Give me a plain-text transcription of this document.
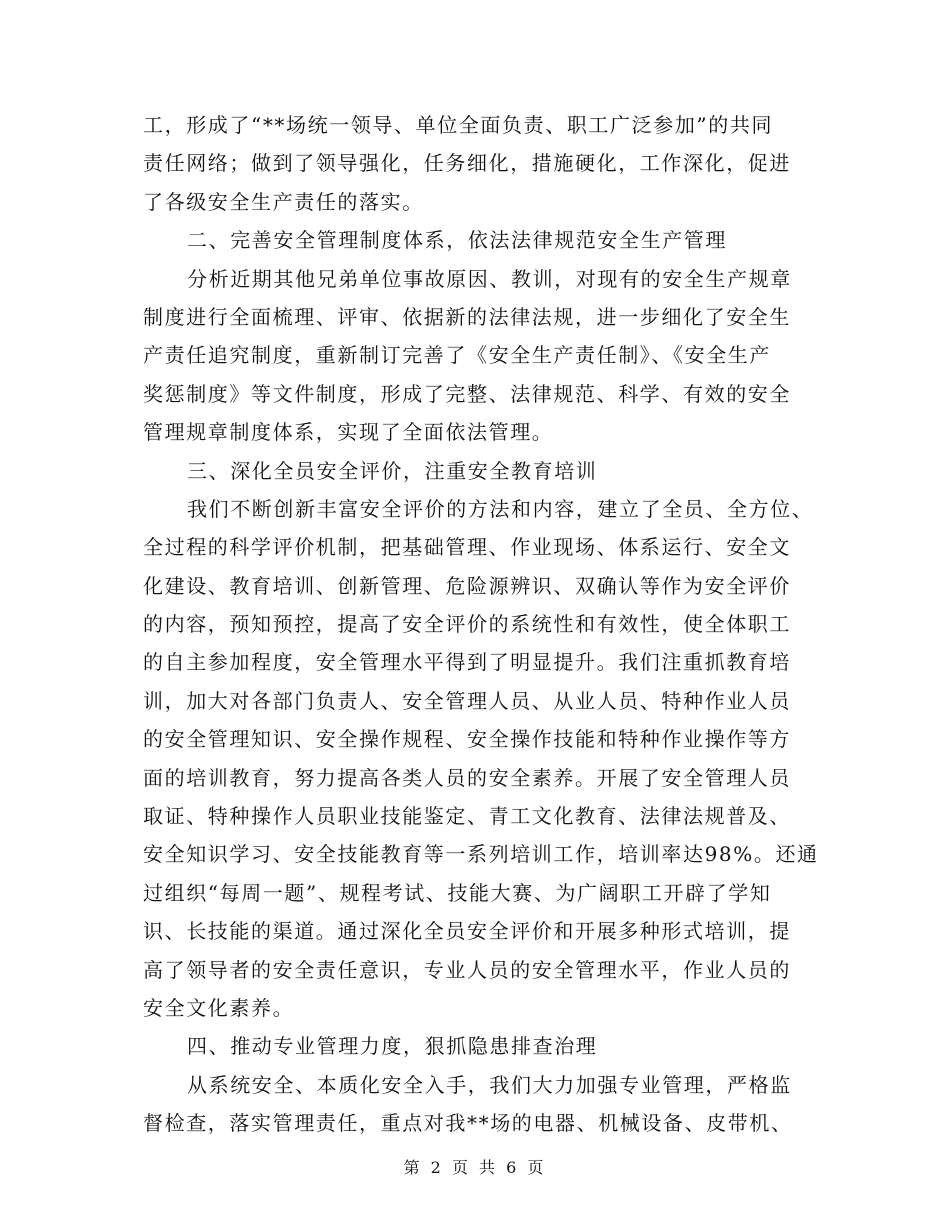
工，形成了“**场统一领导、单位全面负责、职工广泛参加”的共同
责任网络；做到了领导强化，任务细化，措施硬化，工作深化，促进
了各级安全生产责任的落实。
二、完善安全管理制度体系，依法法律规范安全生产管理
分析近期其他兄弟单位事故原因、教训，对现有的安全生产规章
制度进行全面梳理、评审、依据新的法律法规，进一步细化了安全生
产责任追究制度，重新制订完善了《安全生产责任制》、《安全生产
奖惩制度》等文件制度，形成了完整、法律规范、科学、有效的安全
管理规章制度体系，实现了全面依法管理。
三、深化全员安全评价，注重安全教育培训
我们不断创新丰富安全评价的方法和内容，建立了全员、全方位、
全过程的科学评价机制，把基础管理、作业现场、体系运行、安全文
化建设、教育培训、创新管理、危险源辨识、双确认等作为安全评价
的内容，预知预控，提高了安全评价的系统性和有效性，使全体职工
的自主参加程度，安全管理水平得到了明显提升。我们注重抓教育培
训，加大对各部门负责人、安全管理人员、从业人员、特种作业人员
的安全管理知识、安全操作规程、安全操作技能和特种作业操作等方
面的培训教育，努力提高各类人员的安全素养。开展了安全管理人员
取证、特种操作人员职业技能鉴定、青工文化教育、法律法规普及、
安全知识学习、安全技能教育等一系列培训工作，培训率达98%。还通
过组织“每周一题”、规程考试、技能大赛、为广阔职工开辟了学知
识、长技能的渠道。通过深化全员安全评价和开展多种形式培训，提
高了领导者的安全责任意识，专业人员的安全管理水平，作业人员的
安全文化素养。
四、推动专业管理力度，狠抓隐患排查治理
从系统安全、本质化安全入手，我们大力加强专业管理，严格监
督检查，落实管理责任，重点对我**场的电器、机械设备、皮带机、
第 2 页 共 6 页
